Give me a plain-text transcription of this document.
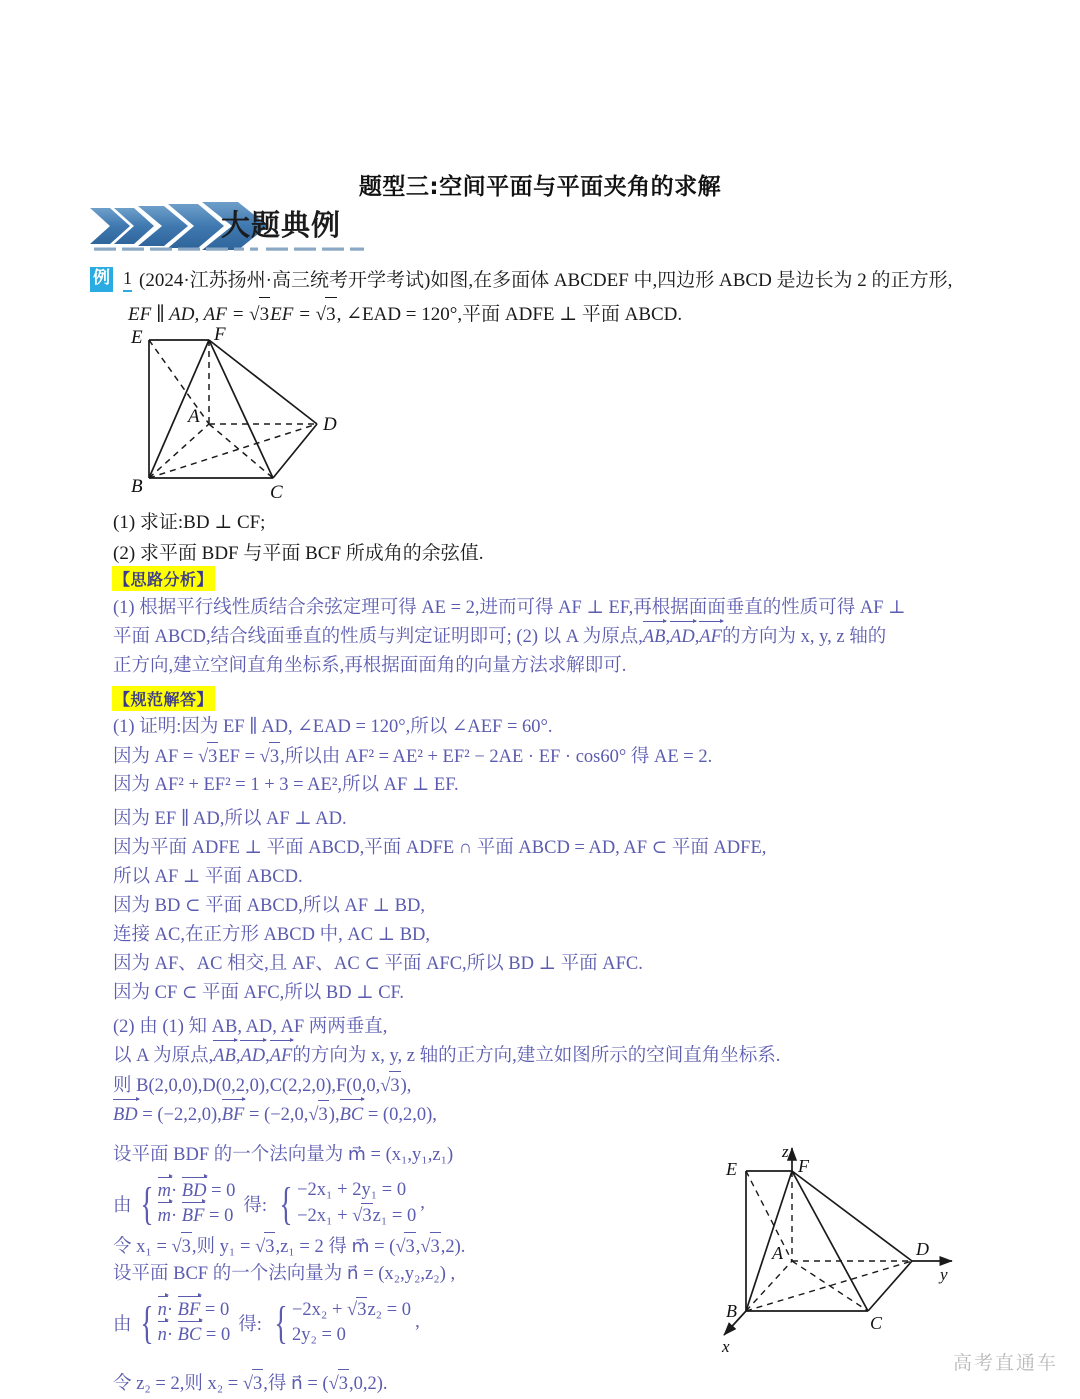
题型三:空间平面与平面夹角的求解
大题典例
例 1 (2024·江苏扬州·高三统考开学考试)如图,在多面体 ABCDEF 中,四边形 ABCD 是边长为 2 的正方形,
EF ∥ AD, AF = √3EF = √3, ∠EAD = 120°,平面 ADFE ⊥ 平面 ABCD.
E	F
A	D
B	C
(1) 求证:BD ⊥ CF;
(2) 求平面 BDF 与平面 BCF 所成角的余弦值.
【思路分析】
(1) 根据平行线性质结合余弦定理可得 AE = 2,进而可得 AF ⊥ EF,再根据面面垂直的性质可得 AF ⊥
平面 ABCD,结合线面垂直的性质与判定证明即可; (2) 以 A 为原点,AB,AD,AF的方向为 x, y, z 轴的
正方向,建立空间直角坐标系,再根据面面角的向量方法求解即可.
【规范解答】
(1) 证明:因为 EF ∥ AD, ∠EAD = 120°,所以 ∠AEF = 60°.
因为 AF = √3EF = √3,所以由 AF² = AE² + EF² − 2AE · EF · cos60° 得 AE = 2.
因为 AF² + EF² = 1 + 3 = AE²,所以 AF ⊥ EF.
因为 EF ∥ AD,所以 AF ⊥ AD.
因为平面 ADFE ⊥ 平面 ABCD,平面 ADFE ∩ 平面 ABCD = AD, AF ⊂ 平面 ADFE,
所以 AF ⊥ 平面 ABCD.
因为 BD ⊂ 平面 ABCD,所以 AF ⊥ BD,
连接 AC,在正方形 ABCD 中, AC ⊥ BD,
因为 AF、AC 相交,且 AF、AC ⊂ 平面 AFC,所以 BD ⊥ 平面 AFC.
因为 CF ⊂ 平面 AFC,所以 BD ⊥ CF.
(2) 由 (1) 知 AB, AD, AF 两两垂直,
以 A 为原点,AB,AD,AF的方向为 x, y, z 轴的正方向,建立如图所示的空间直角坐标系.
则 B(2,0,0),D(0,2,0),C(2,2,0),F(0,0,√3),
BD = (−2,2,0),BF = (−2,0,√3),BC = (0,2,0),
设平面 BDF 的一个法向量为 m⃗ = (x₁,y₁,z₁)
由 { m· BD = 0
m· BF = 0 得: { −2x₁ + 2y₁ = 0
−2x₁ + √3z₁ = 0
,
令 x₁ = √3,则 y₁ = √3,z₁ = 2 得 m⃗ = (√3,√3,2).
设平面 BCF 的一个法向量为 n⃗ = (x₂,y₂,z₂) ,
由 { n· BF = 0
n· BC = 0 得: { −2x₂ + √3z₂ = 0
2y₂ = 0
,
令 z₂ = 2,则 x₂ = √3,得 n⃗ = (√3,0,2).
E	F
A	D
B
C
z
y
x
高考直通车
